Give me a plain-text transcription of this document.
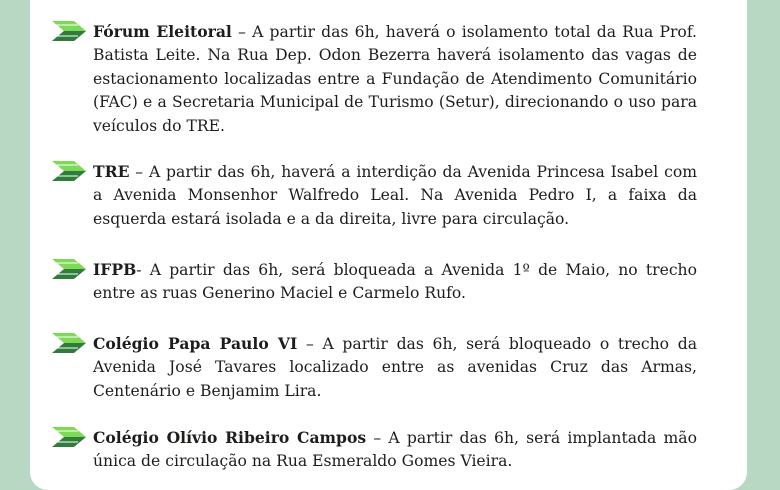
Fórum Eleitoral – A partir das 6h, haverá o isolamento total da Rua Prof. Batista Leite. Na Rua Dep. Odon Bezerra haverá isolamento das vagas de estacionamento localizadas entre a Fundação de Atendimento Comunitário (FAC) e a Secretaria Municipal de Turismo (Setur), direcionando o uso para veículos do TRE.
TRE – A partir das 6h, haverá a interdição da Avenida Princesa Isabel com a Avenida Monsenhor Walfredo Leal. Na Avenida Pedro I, a faixa da esquerda estará isolada e a da direita, livre para circulação.
IFPB- A partir das 6h, será bloqueada a Avenida 1º de Maio, no trecho entre as ruas Generino Maciel e Carmelo Rufo.
Colégio Papa Paulo VI – A partir das 6h, será bloqueado o trecho da Avenida José Tavares localizado entre as avenidas Cruz das Armas, Centenário e Benjamim Lira.
Colégio Olívio Ribeiro Campos – A partir das 6h, será implantada mão única de circulação na Rua Esmeraldo Gomes Vieira.
